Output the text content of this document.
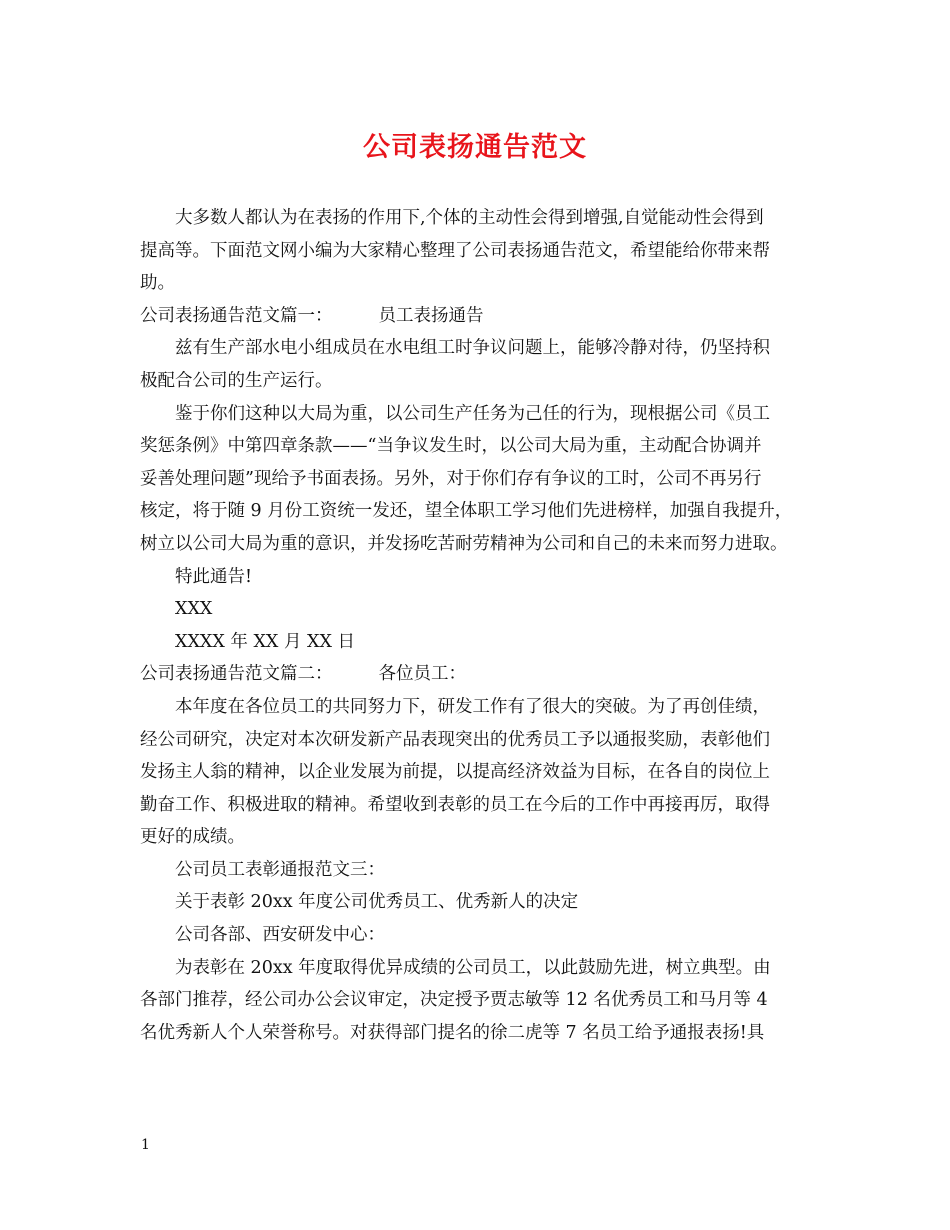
公司表扬通告范文
大多数人都认为在表扬的作用下,个体的主动性会得到增强,自觉能动性会得到
提高等。下面范文网小编为大家精心整理了公司表扬通告范文，希望能给你带来帮
助。
公司表扬通告范文篇一：	员工表扬通告
兹有生产部水电小组成员在水电组工时争议问题上，能够冷静对待，仍坚持积
极配合公司的生产运行。
鉴于你们这种以大局为重，以公司生产任务为己任的行为，现根据公司《员工
奖惩条例》中第四章条款——“当争议发生时，以公司大局为重，主动配合协调并
妥善处理问题”现给予书面表扬。另外，对于你们存有争议的工时，公司不再另行
核定，将于随 9 月份工资统一发还，望全体职工学习他们先进榜样，加强自我提升，
树立以公司大局为重的意识，并发扬吃苦耐劳精神为公司和自己的未来而努力进取。
特此通告!
XXX
XXXX 年 XX 月 XX 日
公司表扬通告范文篇二：	各位员工：
本年度在各位员工的共同努力下，研发工作有了很大的突破。为了再创佳绩，
经公司研究，决定对本次研发新产品表现突出的优秀员工予以通报奖励，表彰他们
发扬主人翁的精神，以企业发展为前提，以提高经济效益为目标，在各自的岗位上
勤奋工作、积极进取的精神。希望收到表彰的员工在今后的工作中再接再厉，取得
更好的成绩。
公司员工表彰通报范文三：
关于表彰 20xx 年度公司优秀员工、优秀新人的决定
公司各部、西安研发中心：
为表彰在 20xx 年度取得优异成绩的公司员工，以此鼓励先进，树立典型。由
各部门推荐，经公司办公会议审定，决定授予贾志敏等 12 名优秀员工和马月等 4
名优秀新人个人荣誉称号。对获得部门提名的徐二虎等 7 名员工给予通报表扬!具
1
